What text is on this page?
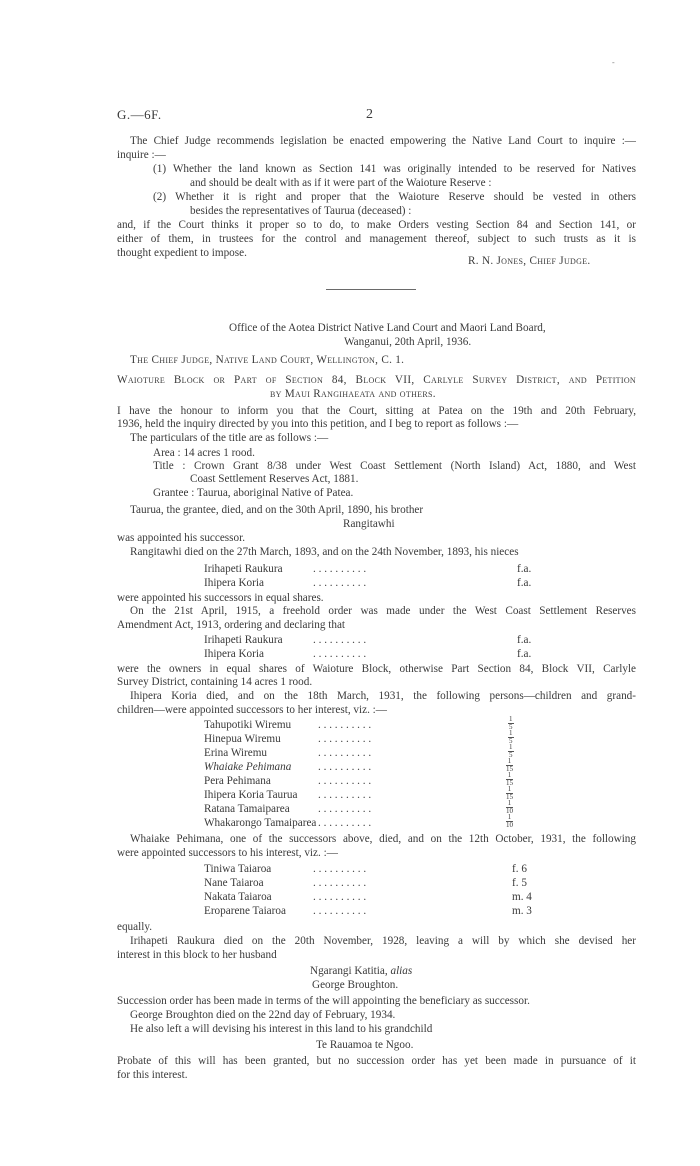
-
G.—6F.	2
The Chief Judge recommends legislation be enacted empowering the Native Land Court to inquire :—
inquire :—
(1) Whether the land known as Section 141 was originally intended to be reserved for Natives
and should be dealt with as if it were part of the Waioture Reserve :
(2) Whether it is right and proper that the Waioture Reserve should be vested in others
besides the representatives of Taurua (deceased) :
and, if the Court thinks it proper so to do, to make Orders vesting Section 84 and Section 141, or
either of them, in trustees for the control and management thereof, subject to such trusts as it is
thought expedient to impose.
R. N. Jones, Chief Judge.
Office of the Aotea District Native Land Court and Maori Land Board,
Wanganui, 20th April, 1936.
The Chief Judge, Native Land Court, Wellington, C. 1.
Waioture Block or Part of Section 84, Block VII, Carlyle Survey District, and Petition
by Maui Rangihaeata and others.
I have the honour to inform you that the Court, sitting at Patea on the 19th and 20th February,
1936, held the inquiry directed by you into this petition, and I beg to report as follows :—
The particulars of the title are as follows :—
Area : 14 acres 1 rood.
Title : Crown Grant 8/38 under West Coast Settlement (North Island) Act, 1880, and West
Coast Settlement Reserves Act, 1881.
Grantee : Taurua, aboriginal Native of Patea.
Taurua, the grantee, died, and on the 30th April, 1890, his brother
Rangitawhi
was appointed his successor.
Rangitawhi died on the 27th March, 1893, and on the 24th November, 1893, his nieces
Irihapeti Raukura	. . . . . . . . . .	f.a.
Ihipera Koria	. . . . . . . . . .	f.a.
were appointed his successors in equal shares.
On the 21st April, 1915, a freehold order was made under the West Coast Settlement Reserves
Amendment Act, 1913, ordering and declaring that
Irihapeti Raukura	. . . . . . . . . .	f.a.
Ihipera Koria	. . . . . . . . . .	f.a.
were the owners in equal shares of Waioture Block, otherwise Part Section 84, Block VII, Carlyle
Survey District, containing 14 acres 1 rood.
Ihipera Koria died, and on the 18th March, 1931, the following persons—children and grand-
children—were appointed successors to her interest, viz. :—
Tahupotiki Wiremu . . . . . . . . . .	$\frac{1}{5}$
Hinepua Wiremu	. . . . . . . . . .	$\frac{1}{5}$
Erina Wiremu	. . . . . . . . . .	$\frac{1}{5}$
Whaiake Pehimana . . . . . . . . . .	$\frac{1}{15}$
Pera Pehimana	. . . . . . . . . .	$\frac{1}{15}$
Ihipera Koria Taurua . . . . . . . . . .	$\frac{1}{15}$
Ratana Tamaiparea	. . . . . . . . . .	$\frac{1}{10}$
Whakarongo Tamaiparea . . . . . . . . . .	$\frac{1}{10}$
Whaiake Pehimana, one of the successors above, died, and on the 12th October, 1931, the following
were appointed successors to his interest, viz. :—
Tiniwa Taiaroa	. . . . . . . . . .	f. 6
Nane Taiaroa	. . . . . . . . . .	f. 5
Nakata Taiaroa	. . . . . . . . . .	m. 4
Eroparene Taiaroa . . . . . . . . . .	m. 3
equally.
Irihapeti Raukura died on the 20th November, 1928, leaving a will by which she devised her
interest in this block to her husband
Ngarangi Katitia, alias
George Broughton.
Succession order has been made in terms of the will appointing the beneficiary as successor.
George Broughton died on the 22nd day of February, 1934.
He also left a will devising his interest in this land to his grandchild
Te Rauamoa te Ngoo.
Probate of this will has been granted, but no succession order has yet been made in pursuance of it
for this interest.
